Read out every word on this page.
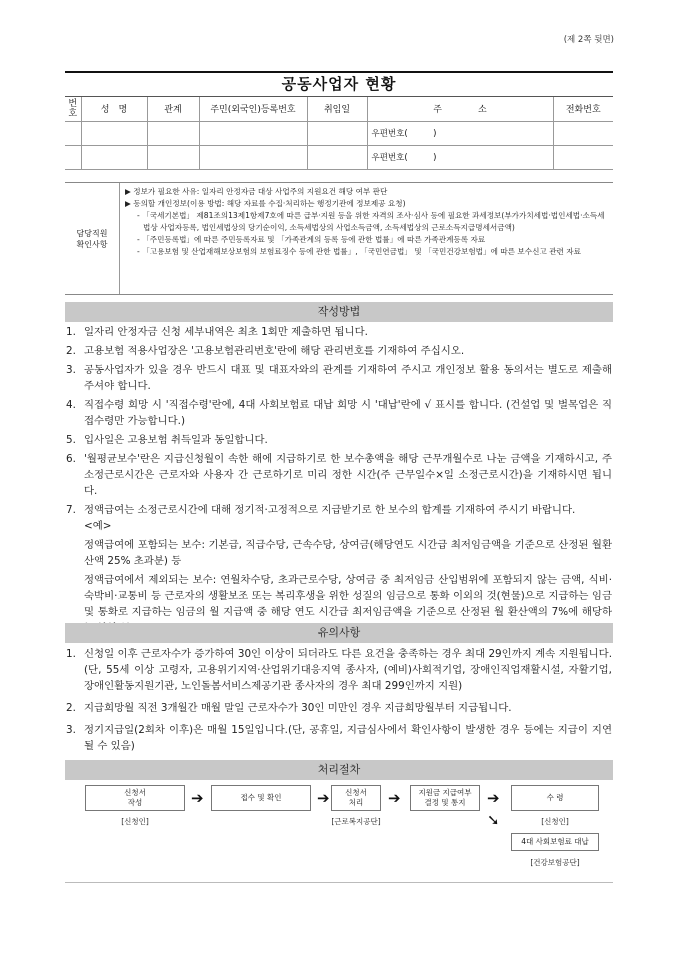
(제 2쪽 뒷면)
공동사업자 현황
번호	성　명	관계	주민(외국인)등록번호	취임일	주　　　　소	전화번호
					우편번호(　　　)	
					우편번호(　　　)	
담당직원
확인사항
▶ 정보가 필요한 사유: 일자리 안정자금 대상 사업주의 지원요건 해당 여부 판단
▶ 동의할 개인정보(이용 방법: 해당 자료를 수집·처리하는 행정기관에 정보제공 요청)
- 「국세기본법」 제81조의13제1항제7호에 따른 급부·지원 등을 위한 자격의 조사·심사 등에 필요한 과세정보(부가가치세법·법인세법·소득세법상 사업자등록, 법인세법상의 당기순이익, 소득세법상의 사업소득금액, 소득세법상의 근로소득지급명세서금액)
- 「주민등록법」에 따른 주민등록자료 및 「가족관계의 등록 등에 관한 법률」에 따른 가족관계등록 자료
- 「고용보험 및 산업재해보상보험의 보험료징수 등에 관한 법률」, 「국민연금법」 및 「국민건강보험법」에 따른 보수신고 관련 자료
작성방법
1. 일자리 안정자금 신청 세부내역은 최초 1회만 제출하면 됩니다.
2. 고용보험 적용사업장은 '고용보험관리번호'란에 해당 관리번호를 기재하여 주십시오.
3. 공동사업자가 있을 경우 반드시 대표 및 대표자와의 관계를 기재하여 주시고 개인정보 활용 동의서는 별도로 제출해 주셔야 합니다.
4. 직접수령 희망 시 '직접수령'란에, 4대 사회보험료 대납 희망 시 '대납'란에 √ 표시를 합니다. (건설업 및 벌목업은 직접수령만 가능합니다.)
5. 입사일은 고용보험 취득일과 동일합니다.
6. '월평균보수'란은 지급신청월이 속한 해에 지급하기로 한 보수총액을 해당 근무개월수로 나눈 금액을 기재하시고, 주소정근로시간은 근로자와 사용자 간 근로하기로 미리 정한 시간(주 근무일수×일 소정근로시간)을 기재하시면 됩니다.
7. 정액급여는 소정근로시간에 대해 정기적·고정적으로 지급받기로 한 보수의 합계를 기재하여 주시기 바랍니다.
<예>
정액급여에 포함되는 보수: 기본급, 직급수당, 근속수당, 상여금(해당연도 시간급 최저임금액을 기준으로 산정된 월환산액 25% 초과분) 등
정액급여에서 제외되는 보수: 연월차수당, 초과근로수당, 상여금 중 최저임금 산입범위에 포함되지 않는 금액, 식비·숙박비·교통비 등 근로자의 생활보조 또는 복리후생을 위한 성질의 임금으로 통화 이외의 것(현물)으로 지급하는 임금 및 통화로 지급하는 임금의 월 지급액 중 해당 연도 시간급 최저임금액을 기준으로 산정된 월 환산액의 7%에 해당하
유의사항
1. 신청일 이후 근로자수가 증가하여 30인 이상이 되더라도 다른 요건을 충족하는 경우 최대 29인까지 계속 지원됩니다.(단, 55세 이상 고령자, 고용위기지역·산업위기대응지역 종사자, (예비)사회적기업, 장애인직업재활시설, 자활기업, 장애인활동지원기관, 노인돌봄서비스제공기관 종사자의 경우 최대 299인까지 지원)
2. 지급희망월 직전 3개월간 매월 말일 근로자수가 30인 미만인 경우 지급희망월부터 지급됩니다.
3. 정기지급일(2회차 이후)은 매월 15일입니다.(단, 공휴일, 지급심사에서 확인사항이 발생한 경우 등에는 지급이 지연될 수 있음)
처리절차
신청서
작성	➔	접수 및 확인 ➔ 신청서
처리 ➔ 지원금 지급여부
결정 및 통지	➔	수 령
➘
4대 사회보험료 대납
[신청인]	[근로복지공단]	[신청인]
[건강보험공단]
